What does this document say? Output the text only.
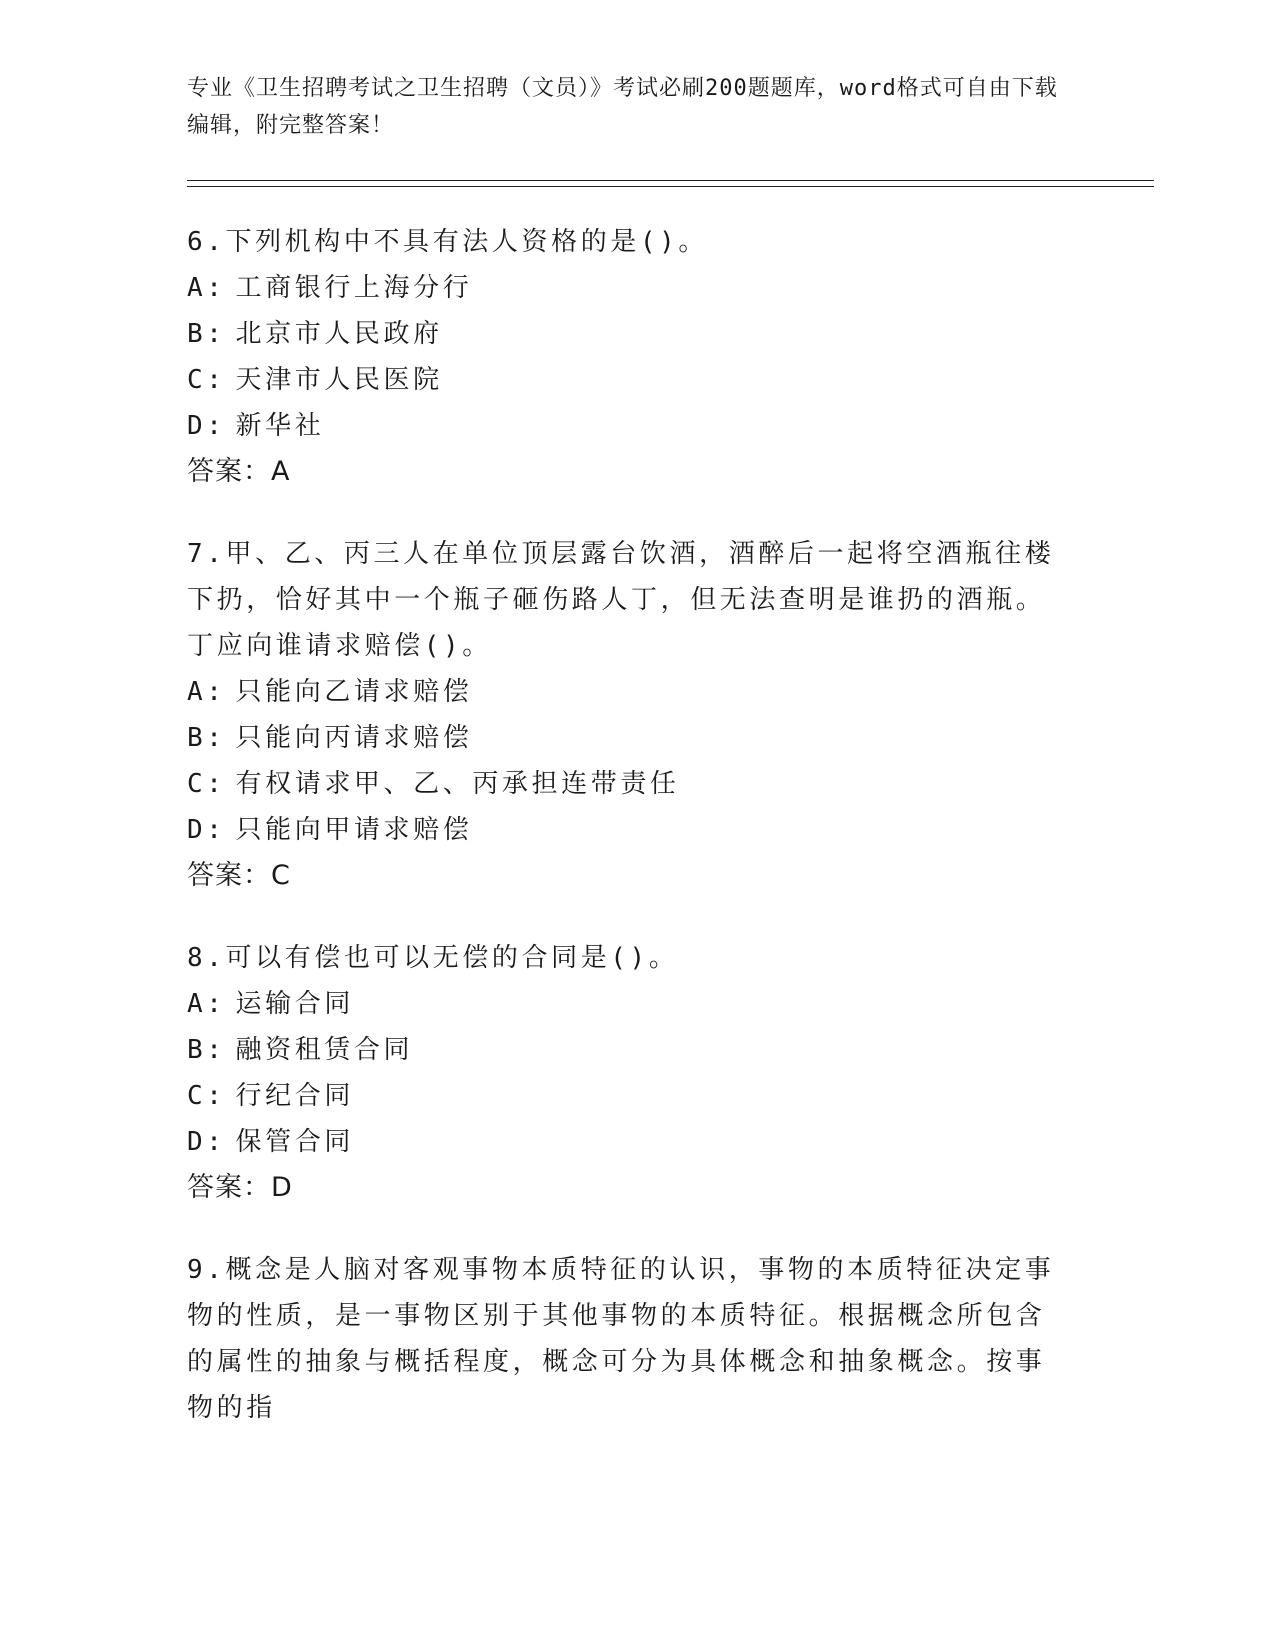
专业《卫生招聘考试之卫生招聘（文员）》考试必刷200题题库，word格式可自由下载编辑，附完整答案！
6.下列机构中不具有法人资格的是()。
A: 工商银行上海分行
B: 北京市人民政府
C: 天津市人民医院
D: 新华社
答案：A
7.甲、乙、丙三人在单位顶层露台饮酒，酒醉后一起将空酒瓶往楼下扔，恰好其中一个瓶子砸伤路人丁，但无法查明是谁扔的酒瓶。丁应向谁请求赔偿()。
A: 只能向乙请求赔偿
B: 只能向丙请求赔偿
C: 有权请求甲、乙、丙承担连带责任
D: 只能向甲请求赔偿
答案：C
8.可以有偿也可以无偿的合同是()。
A: 运输合同
B: 融资租赁合同
C: 行纪合同
D: 保管合同
答案：D
9.概念是人脑对客观事物本质特征的认识，事物的本质特征决定事物的性质，是一事物区别于其他事物的本质特征。根据概念所包含的属性的抽象与概括程度，概念可分为具体概念和抽象概念。按事物的指
